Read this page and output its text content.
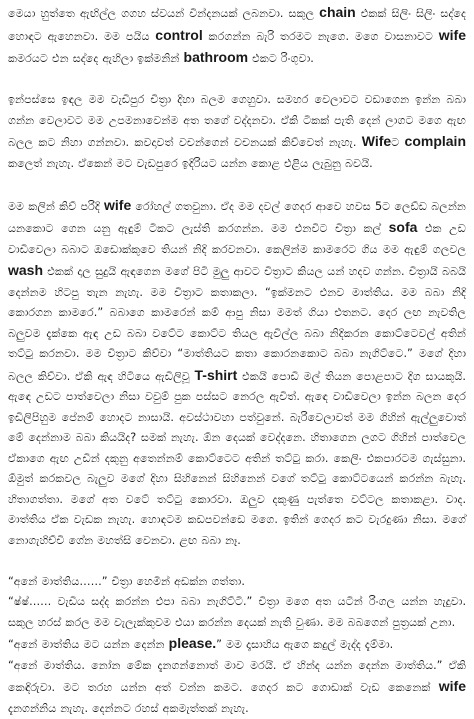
මෙයා හුත්තෙ ඇඟිල්ල ගගහ ස්වයන් වින්දනයක් ලබනවා. සකුල chain එකක් සිලිං සිලිං සද්දෙ හොඳට ඇහෙනවා. මම පයිය control කරගන්න බැරි තරමට නැගෙ. මගෙ වාසනාවට wife කමරයට එන සද්දෙ ඇහිලා ඉක්මනින් bathroom එකට රිංගුවා.

ඉන්පස්සෙ ඉඳල මම වැඩිපුර චිත්‍රා දිහා බලම ගෙහුවා. සමහර වෙලාවට වඩාගෙන ඉන්න බබා ගන්න වෙලාවට මම උපමනාවෙන්ම අත තගේ වද්දනවා. ඒකි ටිකක් පැති දෙන් ලාගට මගෙ ඇඟ බලල කට නිහා ගන්නවා. කවදාවත් වචන්ගෙන් වචනයක් කිව්වෙත් නැහැ. Wifeට complain කලෙත් නැහැ. ඒකෙන් මට වැඩපුරෙ ඉදිරියට යන්න කොළ එළිය ලැබුනු බවයි.

මම කලින් කිව් පරිදි wife රෝහල් ගතවුනා. ඒද මම දවල් ගෙදර ආවෙ හවස 5ට ලෙඩ්ඩ බලන්න යනකොට ගෙන යනු ඇඳුම් ටිකට ලැස්ති කරගන්න. මම එනවිට චිත්‍රා කල් sofa එක උඩ වාඩිවෙලා බබාට ඔඩොක්කුවෙ තියන් නිදි කරවනවා. කෙලින්ම කාමරෙට ගිය මම ඇඳුම් ගලවල wash එකක් දාල සුදුයි ඇඳගෙන මගේ පිටි මුලු ආවට චිත්‍රාට කියල යන් හදව ගන්න. චිත්‍රායි බබයි දෙන්නම හිටපු තැන නැහැ. මම චිත්‍රාට කතාකලා. “ඉක්මනට එනව මාත්තිය. මම බබා නිදි කොරගන කාමරෙ.” බබාගෙ කාමරෙන් කම් ආපු නිසා මමත් ගියා එතනට. දෙර ලඟ නැවතිල බලුවම දැක්කෙ ඇඳ උඩ බබා වටේට කොට්ට තියල ඇවිල්ල බබා නිදිකරන කොට්ටෙවල් අතින් තට්ටු කරනවා. මම චිත්‍රාට කිව්වා “මාත්තියට කතා කොරනකොට බබා නැගිට්ටෙ.” මගේ දිහා බලල කිව්වා. ඒකි ඇඳ හිටියෙ ඇඩිලිවූ T-shirt එකයි පොඩි මල් තියන පොළපාට දිග සායකුයි. ඇඳෙ උඩට පාත්වෙලා නිසා වවුම් පුක පස්සට නෙරල ඇවිත්. ඇඳෙ වාඩිවෙලා ඉන්න බලන දෙර ඉඩීලිපිහුම පේනම් හොදට නාසායි. අවස්ථාවහා පත්වුනේ. බැරිවෙලාවත් මම ගිහින් ඇල්ලුවොත් මේ දෙන්නාම බබා කියයිද? සමක් නැහැ. ඕන දෙයක් වෙද්දනෙ. හිතාගෙන ලගට ගිහින් පාත්වෙල ඒකාගෙ ඇඟ උඩින් දකුනු අතෙන්නම් කොට්ටෙට අතින් තට්ටු කරා. කෙලිං එකපාරටම ගැස්සුනා. ඕමුත් කරකවල බැලුව මගේ දිහා සිහිනෙන් සිහිනෙන් වගේ තට්ටු කොට්ටයෙන් කරන්න බැහැ. හිතාගත්තා. මගේ අත වටේ තට්ටු කොරවා. ඔලුව දකුණු පැත්තෙ වට්ටල කතාකළා. වාද. මාත්තිය ඒක වැඩක නැහැ. හොඳටම කඩපවන්ඩෙ මගෙ. ඉතින් ගෙදර කට වැරදුණා නිසා. මගේ නොගැහිච්චි ගේන මහත්සි වෙනවා. ළඟ බබා නෑ.

“අනේ මාත්තිය……” චිත්‍රා හෙමින් අඩක්න ගත්තා.

“ෂ්ෂ්…… වැඩිය සද්ද කරන්න එපා බබා නැගිට්ටි.” චිත්‍රා මගෙ අත යටින් රිංගල යන්න හැදුවා. සකුල හරස් කරල මම වැලැක්කුවම එයා කරන්න දෙයක් නැති වුණා. මම බබගෙන් පුත්‍රයක් උනා.

“අනේ මාත්තිය මට යන්න දෙන්න please.” මම දෑසාහිය ඇගෙ කදුල් මැද්ද දැම්මා.

“අනේ මාත්තිය. නෝන මේක දැනගන්නොත් මාව මරයි. ඒ හින්ද යන්න දෙන්න මාත්තිය.” ඒකි කෙඳිරුවා. මට තරහ යන්න අත් වන්න කමට. ගෙදර කට ගොඩාක් වැඩ කෙනෙක් wife දැනගන්නිය නැහැ. දෙන්නට රහස් අකමැත්තක් නැහැ.
